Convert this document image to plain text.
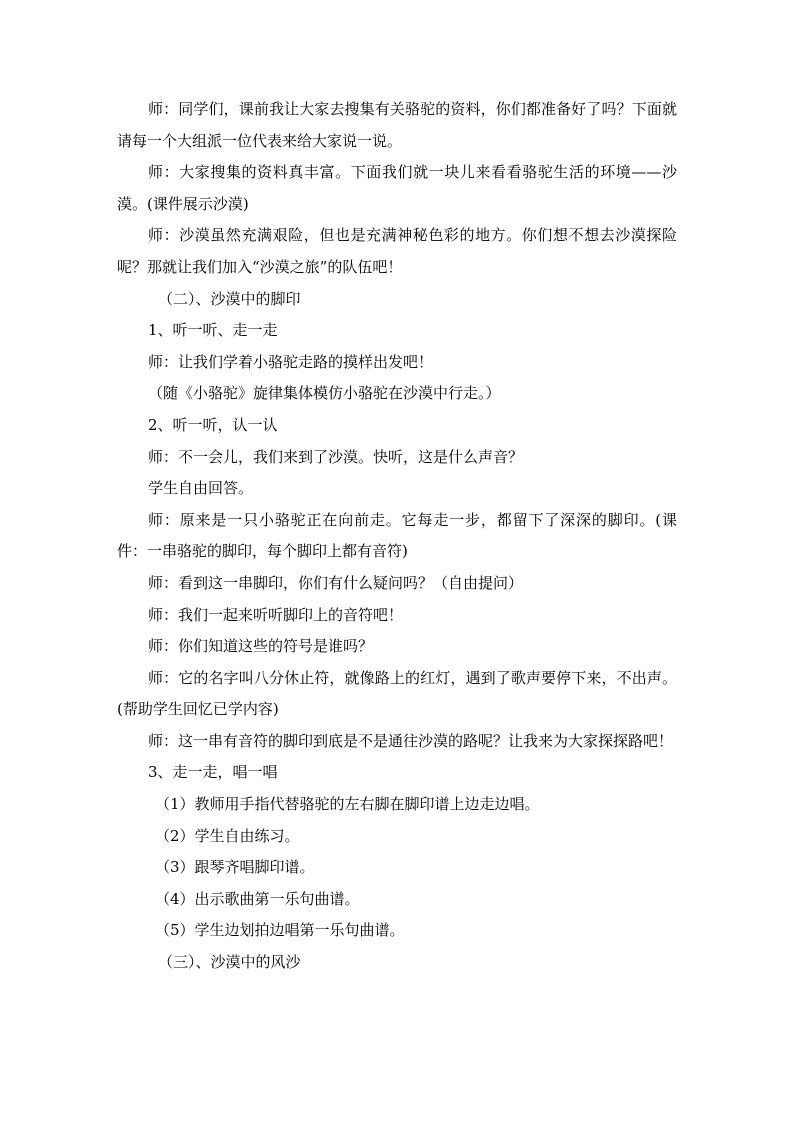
师：同学们，课前我让大家去搜集有关骆驼的资料，你们都准备好了吗？下面就请每一个大组派一位代表来给大家说一说。

师：大家搜集的资料真丰富。下面我们就一块儿来看看骆驼生活的环境——沙漠。(课件展示沙漠)

师：沙漠虽然充满艰险，但也是充满神秘色彩的地方。你们想不想去沙漠探险呢？那就让我们加入“沙漠之旅”的队伍吧！

（二）、沙漠中的脚印

1、听一听、走一走

师：让我们学着小骆驼走路的摸样出发吧！

（随《小骆驼》旋律集体模仿小骆驼在沙漠中行走。）

2、听一听，认一认

师：不一会儿，我们来到了沙漠。快听，这是什么声音？

学生自由回答。

师：原来是一只小骆驼正在向前走。它每走一步，都留下了深深的脚印。(课件：一串骆驼的脚印，每个脚印上都有音符)

师：看到这一串脚印，你们有什么疑问吗？（自由提问）

师：我们一起来听听脚印上的音符吧！

师：你们知道这些的符号是谁吗？

师：它的名字叫八分休止符，就像路上的红灯，遇到了歌声要停下来，不出声。(帮助学生回忆已学内容)

师：这一串有音符的脚印到底是不是通往沙漠的路呢？让我来为大家探探路吧！

3、走一走，唱一唱

（1）教师用手指代替骆驼的左右脚在脚印谱上边走边唱。

（2）学生自由练习。

（3）跟琴齐唱脚印谱。

（4）出示歌曲第一乐句曲谱。

（5）学生边划拍边唱第一乐句曲谱。

（三）、沙漠中的风沙
